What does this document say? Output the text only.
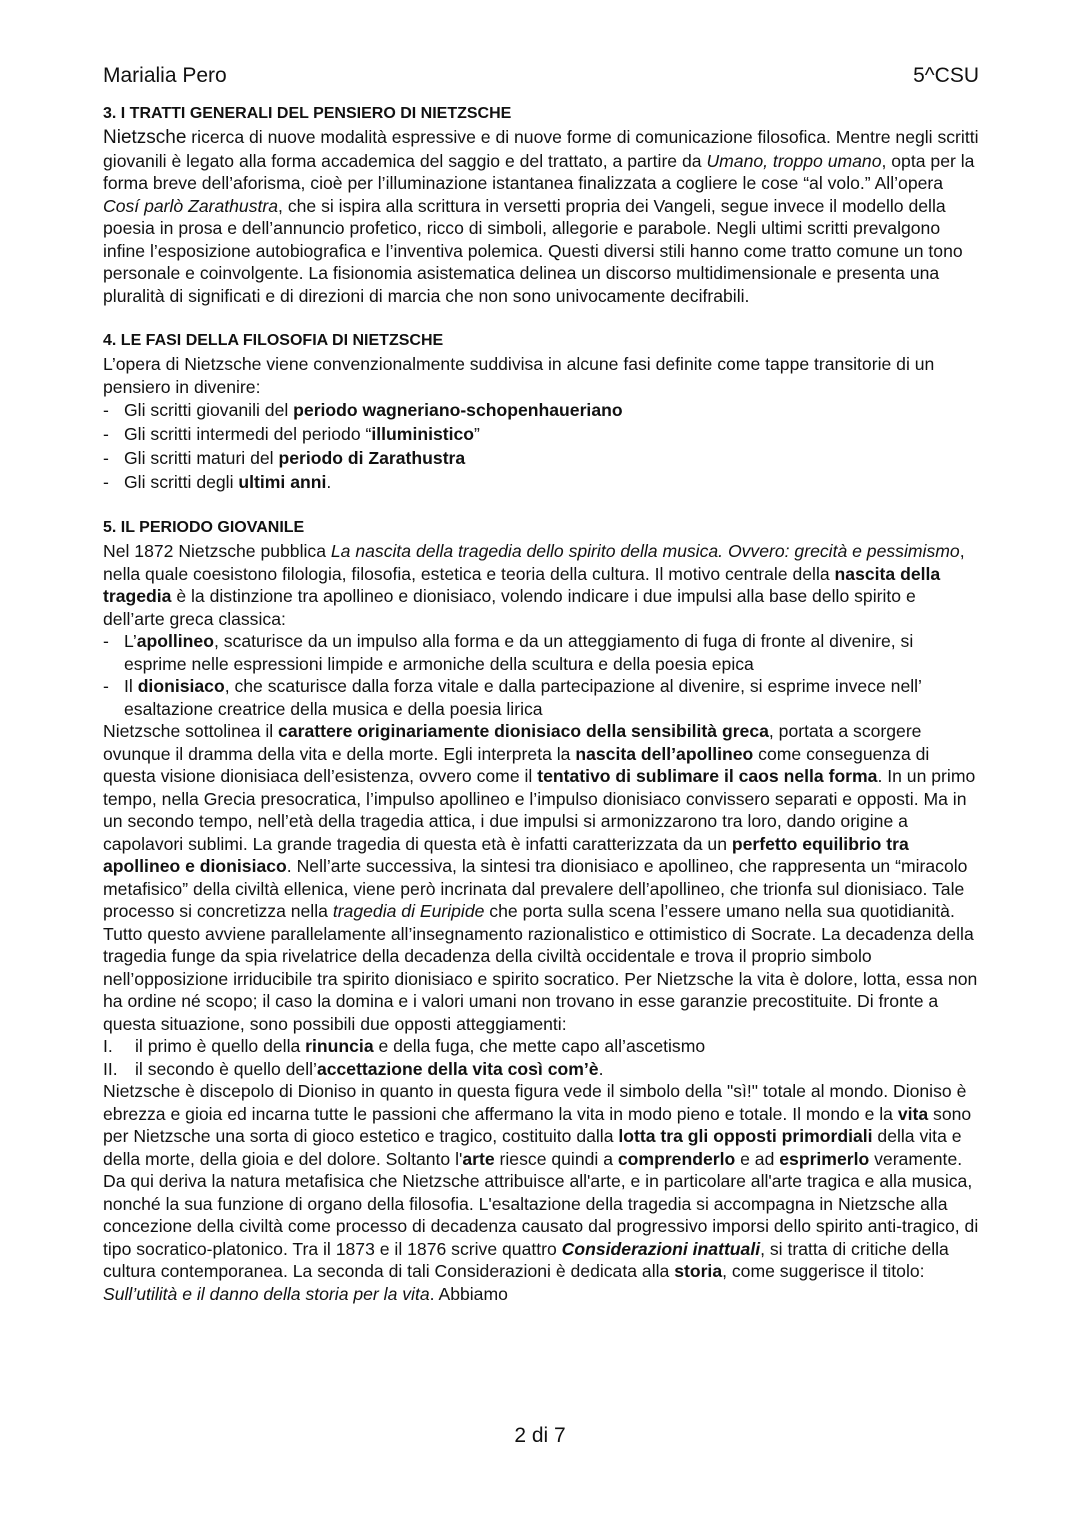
Marialia Pero	5^CSU
3. I TRATTI GENERALI DEL PENSIERO DI NIETZSCHE

Nietzsche ricerca di nuove modalità espressive e di nuove forme di comunicazione filosofica. Mentre negli scritti giovanili è legato alla forma accademica del saggio e del trattato, a partire da Umano, troppo umano, opta per la forma breve dell’aforisma, cioè per l’illuminazione istantanea finalizzata a cogliere le cose “al volo.” All’opera Cosí parlò Zarathustra, che si ispira alla scrittura in versetti propria dei Vangeli, segue invece il modello della poesia in prosa e dell’annuncio profetico, ricco di simboli, allegorie e parabole. Negli ultimi scritti prevalgono infine l’esposizione autobiografica e l’inventiva polemica. Questi diversi stili hanno come tratto comune un tono personale e coinvolgente. La fisionomia asistematica delinea un discorso multidimensionale e presenta una pluralità di significati e di direzioni di marcia che non sono univocamente decifrabili.

4. LE FASI DELLA FILOSOFIA DI NIETZSCHE

L’opera di Nietzsche viene convenzionalmente suddivisa in alcune fasi definite come tappe transitorie di un pensiero in divenire:

- Gli scritti giovanili del periodo wagneriano-schopenhaueriano
- Gli scritti intermedi del periodo “illuministico”
- Gli scritti maturi del periodo di Zarathustra
- Gli scritti degli ultimi anni.
5. IL PERIODO GIOVANILE

Nel 1872 Nietzsche pubblica La nascita della tragedia dello spirito della musica. Ovvero: grecità e pessimismo, nella quale coesistono filologia, filosofia, estetica e teoria della cultura. Il motivo centrale della nascita della tragedia è la distinzione tra apollineo e dionisiaco, volendo indicare i due impulsi alla base dello spirito e dell’arte greca classica:

- L’apollineo, scaturisce da un impulso alla forma e da un atteggiamento di fuga di fronte al divenire, si esprime nelle espressioni limpide e armoniche della scultura e della poesia epica
- Il dionisiaco, che scaturisce dalla forza vitale e dalla partecipazione al divenire, si esprime invece nell’ esaltazione creatrice della musica e della poesia lirica

Nietzsche sottolinea il carattere originariamente dionisiaco della sensibilità greca, portata a scorgere ovunque il dramma della vita e della morte. Egli interpreta la nascita dell’apollineo come conseguenza di questa visione dionisiaca dell’esistenza, ovvero come il tentativo di sublimare il caos nella forma. In un primo tempo, nella Grecia presocratica, l’impulso apollineo e l’impulso dionisiaco convissero separati e opposti. Ma in un secondo tempo, nell’età della tragedia attica, i due impulsi si armonizzarono tra loro, dando origine a capolavori sublimi. La grande tragedia di questa età è infatti caratterizzata da un perfetto equilibrio tra apollineo e dionisiaco. Nell’arte successiva, la sintesi tra dionisiaco e apollineo, che rappresenta un “miracolo metafisico” della civiltà ellenica, viene però incrinata dal prevalere dell’apollineo, che trionfa sul dionisiaco. Tale processo si concretizza nella tragedia di Euripide che porta sulla scena l’essere umano nella sua quotidianità. Tutto questo avviene parallelamente all’insegnamento razionalistico e ottimistico di Socrate. La decadenza della tragedia funge da spia rivelatrice della decadenza della civiltà occidentale e trova il proprio simbolo nell’opposizione irriducibile tra spirito dionisiaco e spirito socratico. Per Nietzsche la vita è dolore, lotta, essa non ha ordine né scopo; il caso la domina e i valori umani non trovano in esse garanzie precostituite. Di fronte a questa situazione, sono possibili due opposti atteggiamenti:

I. il primo è quello della rinuncia e della fuga, che mette capo all’ascetismo
II. il secondo è quello dell’accettazione della vita così com’è.

Nietzsche è discepolo di Dioniso in quanto in questa figura vede il simbolo della "sì!" totale al mondo. Dioniso è ebrezza e gioia ed incarna tutte le passioni che affermano la vita in modo pieno e totale. Il mondo e la vita sono per Nietzsche una sorta di gioco estetico e tragico, costituito dalla lotta tra gli opposti primordiali della vita e della morte, della gioia e del dolore. Soltanto l'arte riesce quindi a comprenderlo e ad esprimerlo veramente. Da qui deriva la natura metafisica che Nietzsche attribuisce all'arte, e in particolare all'arte tragica e alla musica, nonché la sua funzione di organo della filosofia. L'esaltazione della tragedia si accompagna in Nietzsche alla concezione della civiltà come processo di decadenza causato dal progressivo imporsi dello spirito anti-tragico, di tipo socratico-platonico. Tra il 1873 e il 1876 scrive quattro Considerazioni inattuali, si tratta di critiche della cultura contemporanea. La seconda di tali Considerazioni è dedicata alla storia, come suggerisce il titolo: Sull’utilità e il danno della storia per la vita. Abbiamo

2 di 7
